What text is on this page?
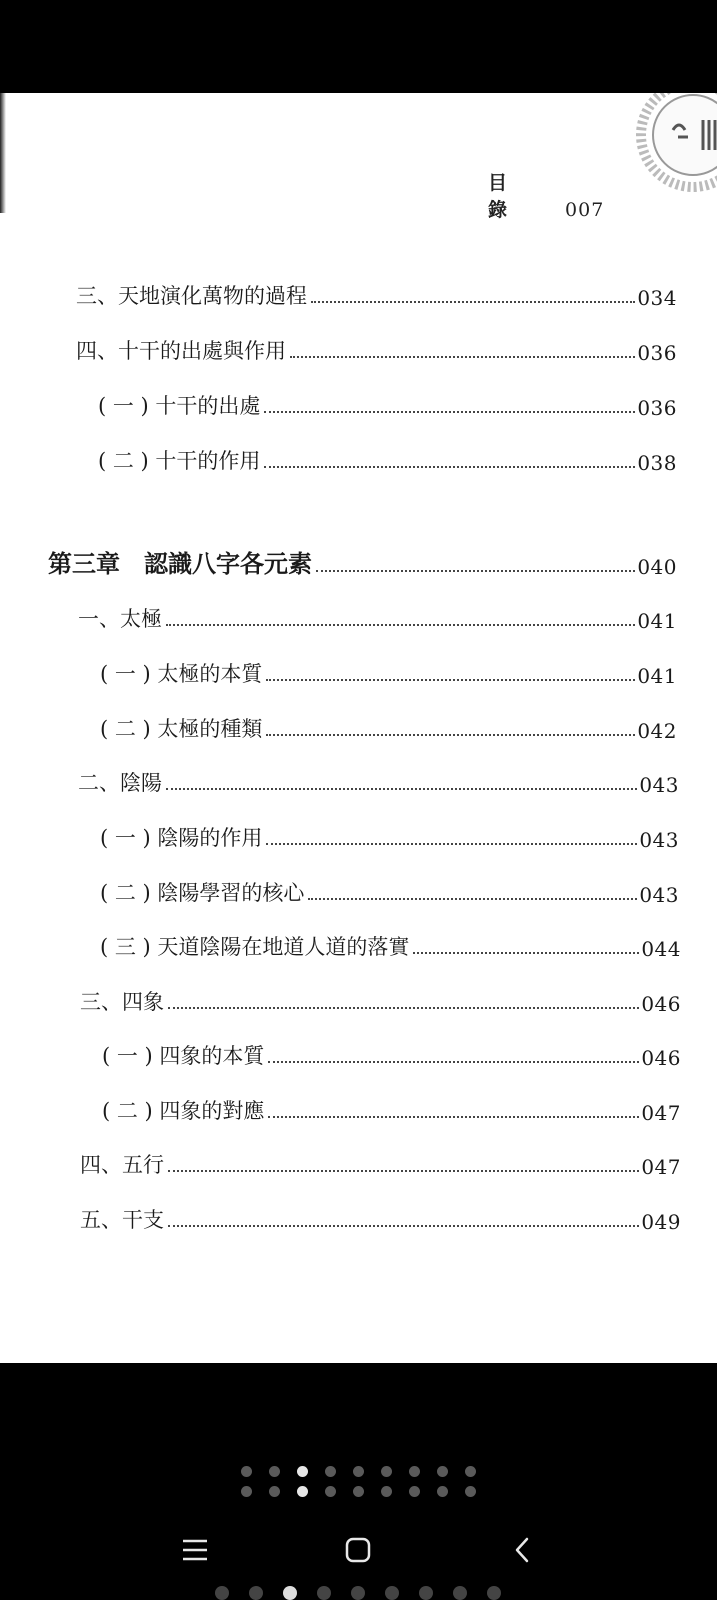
目  錄	007
三、天地演化萬物的過程	034
四、十干的出處與作用	036
( 一 ) 十干的出處	036
( 二 ) 十干的作用	038
第三章　認識八字各元素	040
一、太極	041
( 一 ) 太極的本質	041
( 二 ) 太極的種類	042
二、陰陽	043
( 一 ) 陰陽的作用	043
( 二 ) 陰陽學習的核心	043
( 三 ) 天道陰陽在地道人道的落實	044
三、四象	046
( 一 ) 四象的本質	046
( 二 ) 四象的對應	047
四、五行	047
五、干支	049
